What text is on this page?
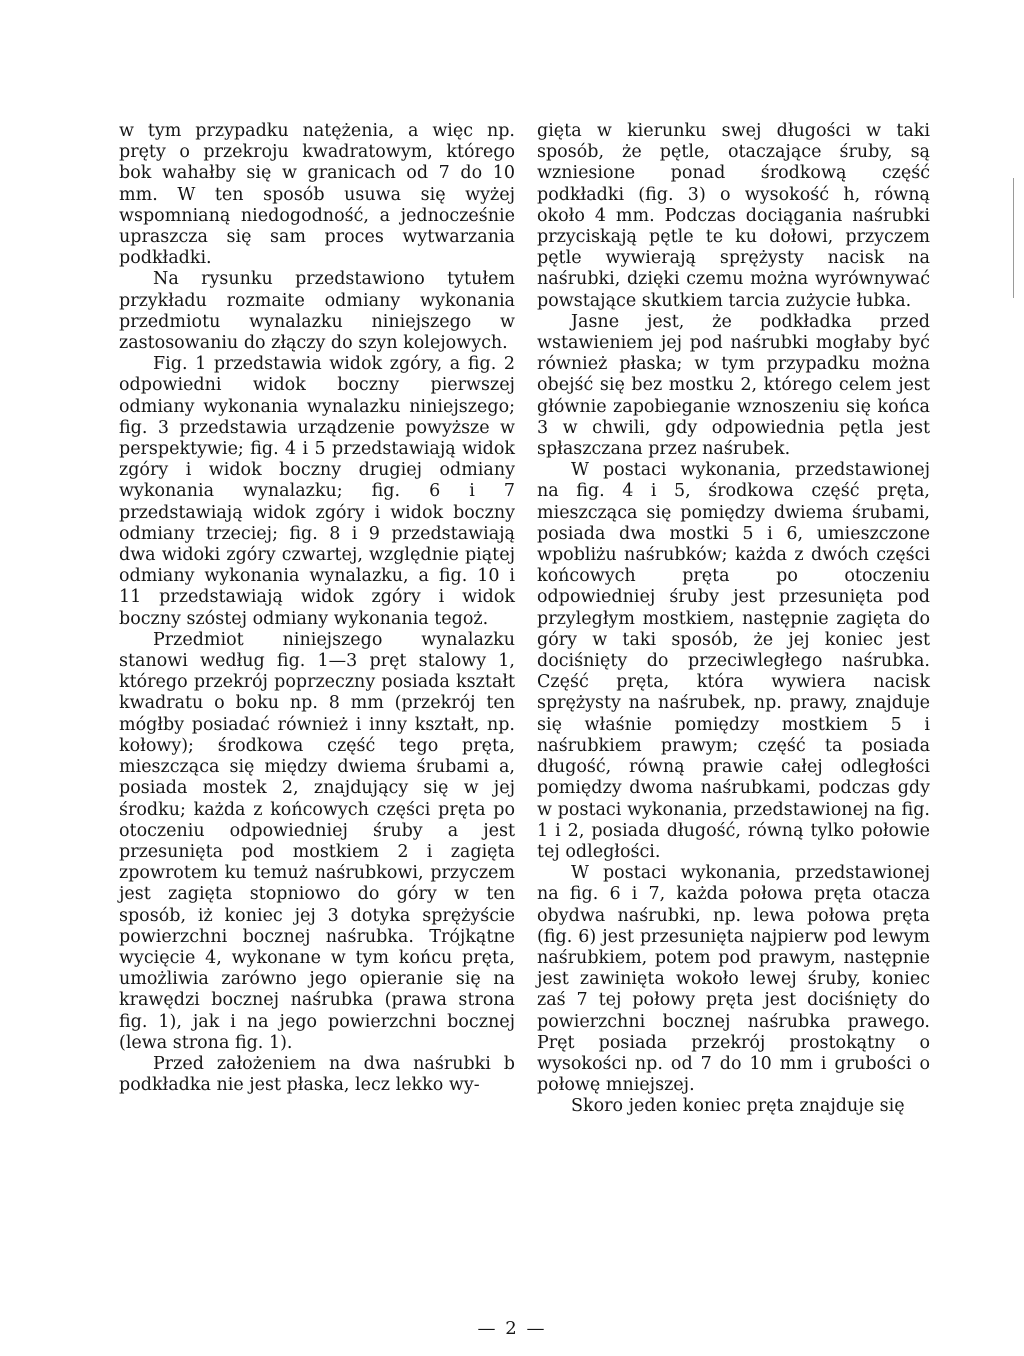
w tym przypadku natężenia, a więc np. pręty o przekroju kwadratowym, którego bok wahałby się w granicach od 7 do 10 mm. W ten sposób usuwa się wyżej wspomnianą niedogodność, a jednocześnie upraszcza się sam proces wytwarzania podkładki.

Na rysunku przedstawiono tytułem przykładu rozmaite odmiany wykonania przedmiotu wynalazku niniejszego w zastosowaniu do złączy do szyn kolejowych.

Fig. 1 przedstawia widok zgóry, a fig. 2 odpowiedni widok boczny pierwszej odmiany wykonania wynalazku niniejszego; fig. 3 przedstawia urządzenie powyższe w perspektywie; fig. 4 i 5 przedstawiają widok zgóry i widok boczny drugiej odmiany wykonania wynalazku; fig. 6 i 7 przedstawiają widok zgóry i widok boczny odmiany trzeciej; fig. 8 i 9 przedstawiają dwa widoki zgóry czwartej, względnie piątej odmiany wykonania wynalazku, a fig. 10 i 11 przedstawiają widok zgóry i widok boczny szóstej odmiany wykonania tegoż.

Przedmiot niniejszego wynalazku stanowi według fig. 1—3 pręt stalowy 1, którego przekrój poprzeczny posiada kształt kwadratu o boku np. 8 mm (przekrój ten mógłby posiadać również i inny kształt, np. kołowy); środkowa część tego pręta, mieszcząca się między dwiema śrubami a, posiada mostek 2, znajdujący się w jej środku; każda z końcowych części pręta po otoczeniu odpowiedniej śruby a jest przesunięta pod mostkiem 2 i zagięta zpowrotem ku temuż naśrubkowi, przyczem jest zagięta stopniowo do góry w ten sposób, iż koniec jej 3 dotyka sprężyście powierzchni bocznej naśrubka. Trójkątne wycięcie 4, wykonane w tym końcu pręta, umożliwia zarówno jego opieranie się na krawędzi bocznej naśrubka (prawa strona fig. 1), jak i na jego powierzchni bocznej (lewa strona fig. 1).

Przed założeniem na dwa naśrubki b podkładka nie jest płaska, lecz lekko wy-

gięta w kierunku swej długości w taki sposób, że pętle, otaczające śruby, są wzniesione ponad środkową część podkładki (fig. 3) o wysokość h, równą około 4 mm. Podczas dociągania naśrubki przyciskają pętle te ku dołowi, przyczem pętle wywierają sprężysty nacisk na naśrubki, dzięki czemu można wyrównywać powstające skutkiem tarcia zużycie łubka.

Jasne jest, że podkładka przed wstawieniem jej pod naśrubki mogłaby być również płaska; w tym przypadku można obejść się bez mostku 2, którego celem jest głównie zapobieganie wznoszeniu się końca 3 w chwili, gdy odpowiednia pętla jest spłaszczana przez naśrubek.

W postaci wykonania, przedstawionej na fig. 4 i 5, środkowa część pręta, mieszcząca się pomiędzy dwiema śrubami, posiada dwa mostki 5 i 6, umieszczone wpobliżu naśrubków; każda z dwóch części końcowych pręta po otoczeniu odpowiedniej śruby jest przesunięta pod przyległym mostkiem, następnie zagięta do góry w taki sposób, że jej koniec jest dociśnięty do przeciwległego naśrubka. Część pręta, która wywiera nacisk sprężysty na naśrubek, np. prawy, znajduje się właśnie pomiędzy mostkiem 5 i naśrubkiem prawym; część ta posiada długość, równą prawie całej odległości pomiędzy dwoma naśrubkami, podczas gdy w postaci wykonania, przedstawionej na fig. 1 i 2, posiada długość, równą tylko połowie tej odległości.

W postaci wykonania, przedstawionej na fig. 6 i 7, każda połowa pręta otacza obydwa naśrubki, np. lewa połowa pręta (fig. 6) jest przesunięta najpierw pod lewym naśrubkiem, potem pod prawym, następnie jest zawinięta wokoło lewej śruby, koniec zaś 7 tej połowy pręta jest dociśnięty do powierzchni bocznej naśrubka prawego. Pręt posiada przekrój prostokątny o wysokości np. od 7 do 10 mm i grubości o połowę mniejszej.

Skoro jeden koniec pręta znajduje się

— 2 —
